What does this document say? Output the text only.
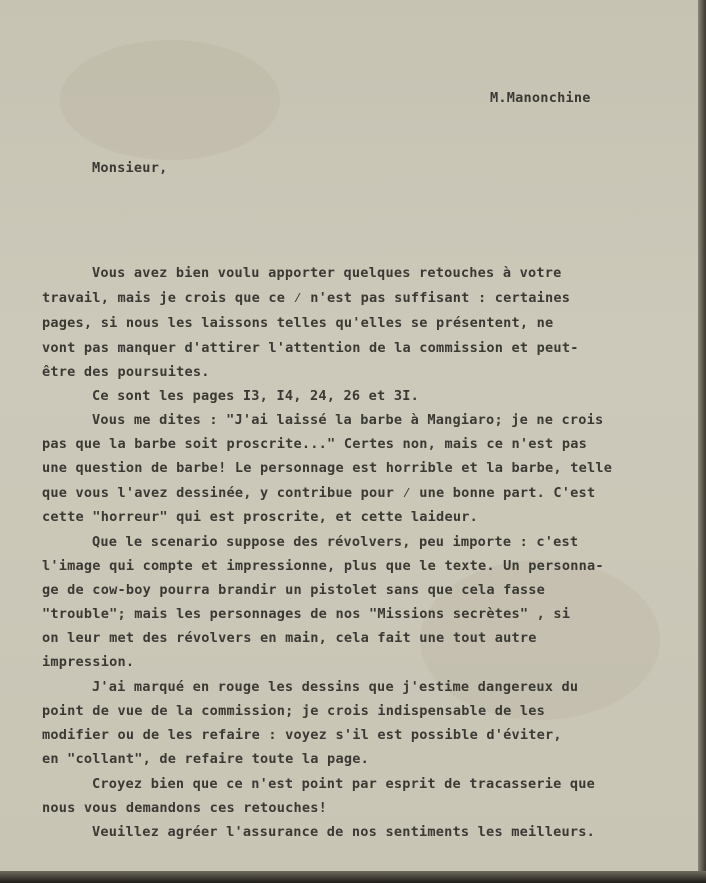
M.Manonchine
Monsieur,
Vous avez bien voulu apporter quelques retouches à votre
travail, mais je crois que ce ⁄ n'est pas suffisant : certaines
pages, si nous les laissons telles qu'elles se présentent, ne
vont pas manquer d'attirer l'attention de la commission et peut-
être des poursuites.
Ce sont les pages I3, I4, 24, 26 et 3I.
Vous me dites : "J'ai laissé la barbe à Mangiaro; je ne crois
pas que la barbe soit proscrite..." Certes non, mais ce n'est pas
une question de barbe! Le personnage est horrible et la barbe, telle
que vous l'avez dessinée, y contribue pour ⁄ une bonne part. C'est
cette "horreur" qui est proscrite, et cette laideur.
Que le scenario suppose des révolvers, peu importe : c'est
l'image qui compte et impressionne, plus que le texte. Un personna-
ge de cow-boy pourra brandir un pistolet sans que cela fasse
"trouble"; mais les personnages de nos "Missions secrètes" , si
on leur met des révolvers en main, cela fait une tout autre
impression.
J'ai marqué en rouge les dessins que j'estime dangereux du
point de vue de la commission; je crois indispensable de les
modifier ou de les refaire : voyez s'il est possible d'éviter,
en "collant", de refaire toute la page.
Croyez bien que ce n'est point par esprit de tracasserie que
nous vous demandons ces retouches!
Veuillez agréer l'assurance de nos sentiments les meilleurs.
